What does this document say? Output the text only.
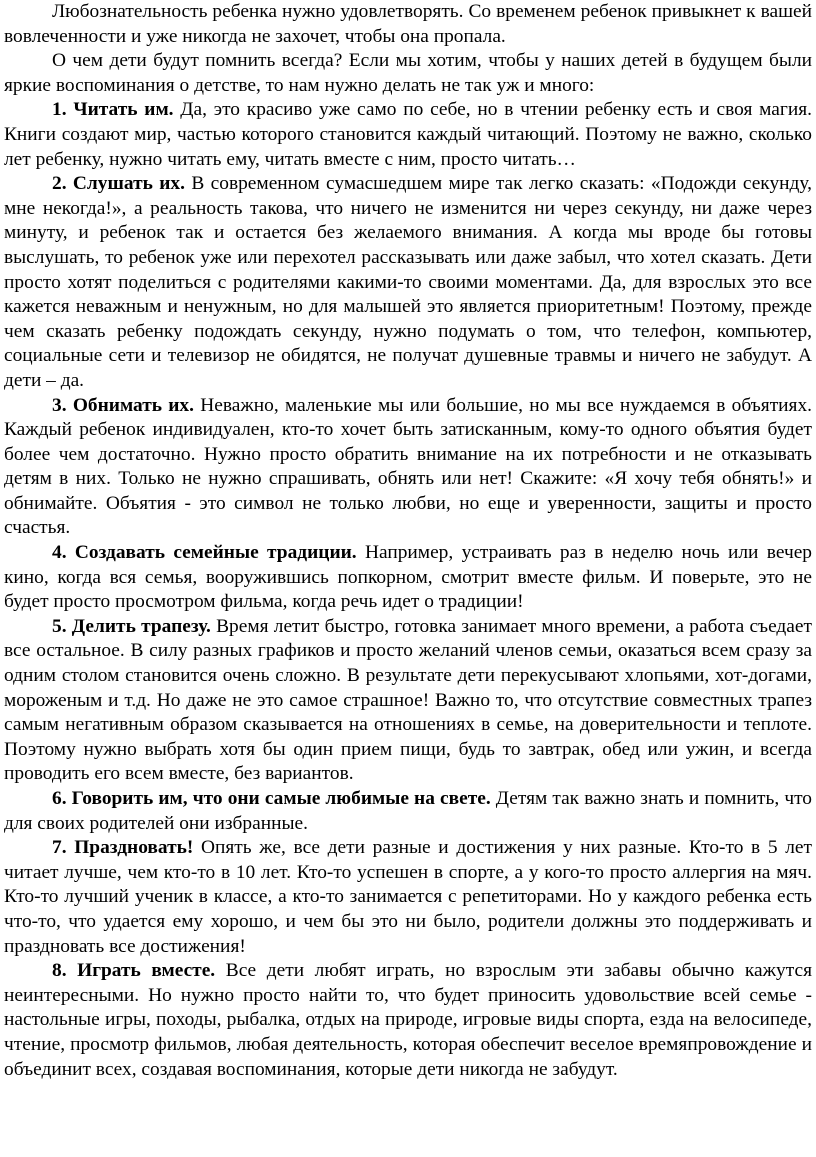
Любознательность ребенка нужно удовлетворять. Со временем ребенок привыкнет к вашей вовлеченности и уже никогда не захочет, чтобы она пропала.

О чем дети будут помнить всегда? Если мы хотим, чтобы у наших детей в будущем были яркие воспоминания о детстве, то нам нужно делать не так уж и много:

1. Читать им. Да, это красиво уже само по себе, но в чтении ребенку есть и своя магия. Книги создают мир, частью которого становится каждый читающий. Поэтому не важно, сколько лет ребенку, нужно читать ему, читать вместе с ним, просто читать…

2. Слушать их. В современном сумасшедшем мире так легко сказать: «Подожди секунду, мне некогда!», а реальность такова, что ничего не изменится ни через секунду, ни даже через минуту, и ребенок так и остается без желаемого внимания. А когда мы вроде бы готовы выслушать, то ребенок уже или перехотел рассказывать или даже забыл, что хотел сказать. Дети просто хотят поделиться с родителями какими-то своими моментами. Да, для взрослых это все кажется неважным и ненужным, но для малышей это является приоритетным! Поэтому, прежде чем сказать ребенку подождать секунду, нужно подумать о том, что телефон, компьютер, социальные сети и телевизор не обидятся, не получат душевные травмы и ничего не забудут. А дети – да.

3. Обнимать их. Неважно, маленькие мы или большие, но мы все нуждаемся в объятиях. Каждый ребенок индивидуален, кто-то хочет быть затисканным, кому-то одного объятия будет более чем достаточно. Нужно просто обратить внимание на их потребности и не отказывать детям в них. Только не нужно спрашивать, обнять или нет! Скажите: «Я хочу тебя обнять!» и обнимайте. Объятия - это символ не только любви, но еще и уверенности, защиты и просто счастья.

4. Создавать семейные традиции. Например, устраивать раз в неделю ночь или вечер кино, когда вся семья, вооружившись попкорном, смотрит вместе фильм. И поверьте, это не будет просто просмотром фильма, когда речь идет о традиции!

5. Делить трапезу. Время летит быстро, готовка занимает много времени, а работа съедает все остальное. В силу разных графиков и просто желаний членов семьи, оказаться всем сразу за одним столом становится очень сложно. В результате дети перекусывают хлопьями, хот-догами, мороженым и т.д. Но даже не это самое страшное! Важно то, что отсутствие совместных трапез самым негативным образом сказывается на отношениях в семье, на доверительности и теплоте. Поэтому нужно выбрать хотя бы один прием пищи, будь то завтрак, обед или ужин, и всегда проводить его всем вместе, без вариантов.

6. Говорить им, что они самые любимые на свете. Детям так важно знать и помнить, что для своих родителей они избранные.

7. Праздновать! Опять же, все дети разные и достижения у них разные. Кто-то в 5 лет читает лучше, чем кто-то в 10 лет. Кто-то успешен в спорте, а у кого-то просто аллергия на мяч. Кто-то лучший ученик в классе, а кто-то занимается с репетиторами. Но у каждого ребенка есть что-то, что удается ему хорошо, и чем бы это ни было, родители должны это поддерживать и праздновать все достижения!

8. Играть вместе. Все дети любят играть, но взрослым эти забавы обычно кажутся неинтересными. Но нужно просто найти то, что будет приносить удовольствие всей семье - настольные игры, походы, рыбалка, отдых на природе, игровые виды спорта, езда на велосипеде, чтение, просмотр фильмов, любая деятельность, которая обеспечит веселое времяпровождение и объединит всех, создавая воспоминания, которые дети никогда не забудут.
